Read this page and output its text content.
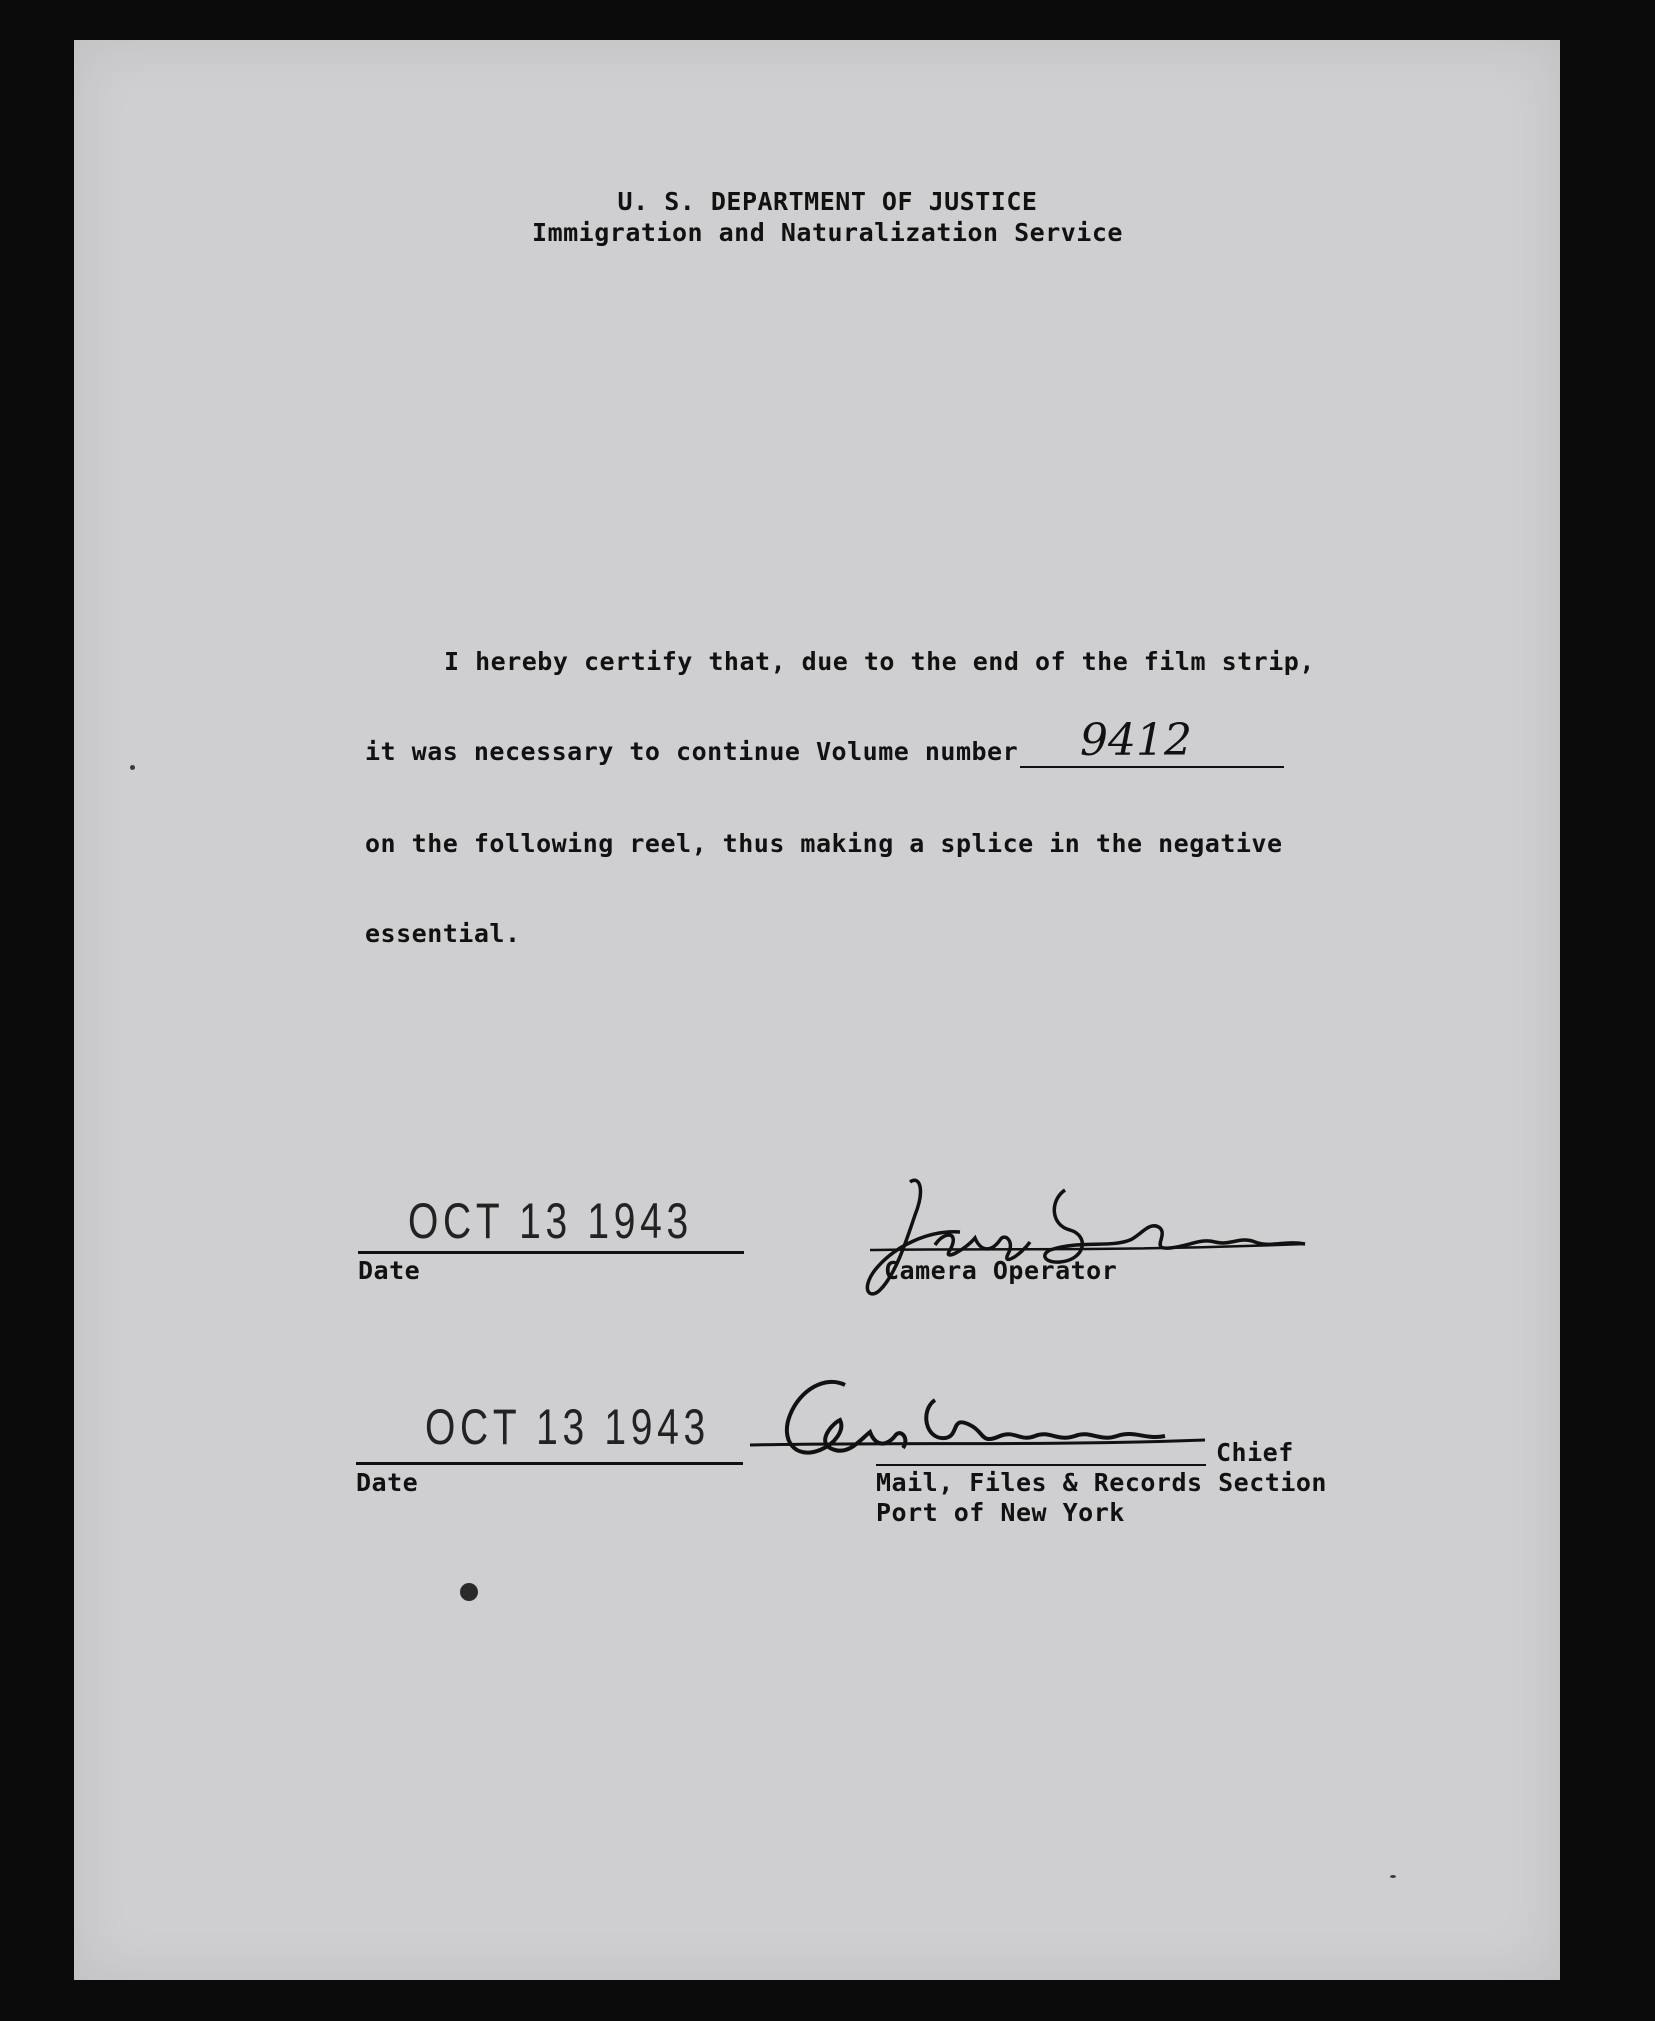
U. S. DEPARTMENT OF JUSTICE
Immigration and Naturalization Service
I hereby certify that, due to the end of the film strip,
it was necessary to continue Volume number 9412
on the following reel, thus making a splice in the negative
essential.
OCT 13 1943
Date	Camera Operator
OCT 13 1943
Date
Chief
Mail, Files & Records Section
Port of New York
